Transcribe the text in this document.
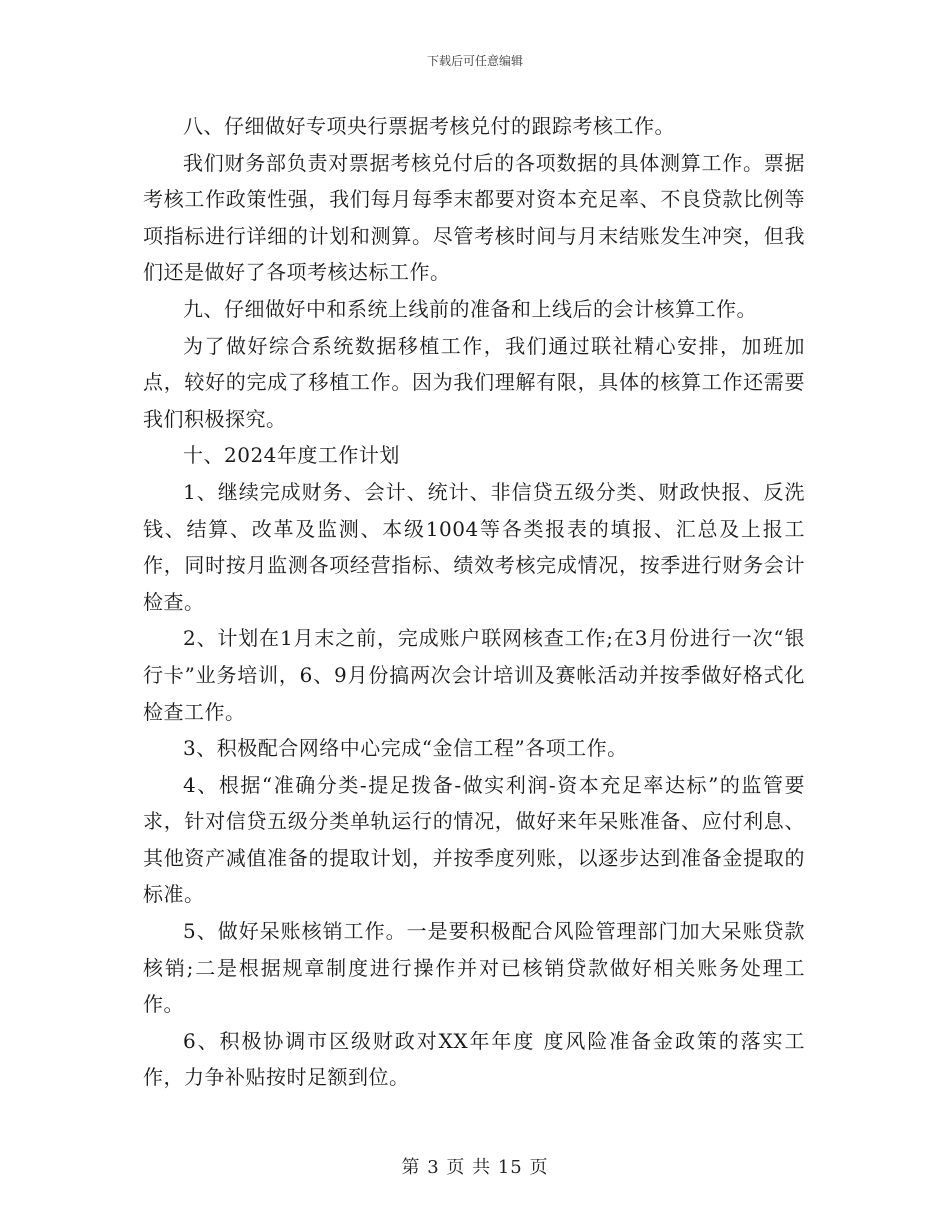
下载后可任意编辑

八、仔细做好专项央行票据考核兑付的跟踪考核工作。

我们财务部负责对票据考核兑付后的各项数据的具体测算工作。票据考核工作政策性强，我们每月每季末都要对资本充足率、不良贷款比例等项指标进行详细的计划和测算。尽管考核时间与月末结账发生冲突，但我们还是做好了各项考核达标工作。

九、仔细做好中和系统上线前的准备和上线后的会计核算工作。

为了做好综合系统数据移植工作，我们通过联社精心安排，加班加点，较好的完成了移植工作。因为我们理解有限，具体的核算工作还需要我们积极探究。

十、2024年度工作计划

1、继续完成财务、会计、统计、非信贷五级分类、财政快报、反洗钱、结算、改革及监测、本级1004等各类报表的填报、汇总及上报工作，同时按月监测各项经营指标、绩效考核完成情况，按季进行财务会计检查。

2、计划在1月末之前，完成账户联网核查工作;在3月份进行一次“银行卡”业务培训，6、9月份搞两次会计培训及赛帐活动并按季做好格式化检查工作。

3、积极配合网络中心完成“金信工程”各项工作。

4、根据“准确分类-提足拨备-做实利润-资本充足率达标”的监管要求，针对信贷五级分类单轨运行的情况，做好来年呆账准备、应付利息、其他资产减值准备的提取计划，并按季度列账，以逐步达到准备金提取的标准。

5、做好呆账核销工作。一是要积极配合风险管理部门加大呆账贷款核销;二是根据规章制度进行操作并对已核销贷款做好相关账务处理工作。

6、积极协调市区级财政对XX年年度 度风险准备金政策的落实工作，力争补贴按时足额到位。

第 3 页 共 15 页
